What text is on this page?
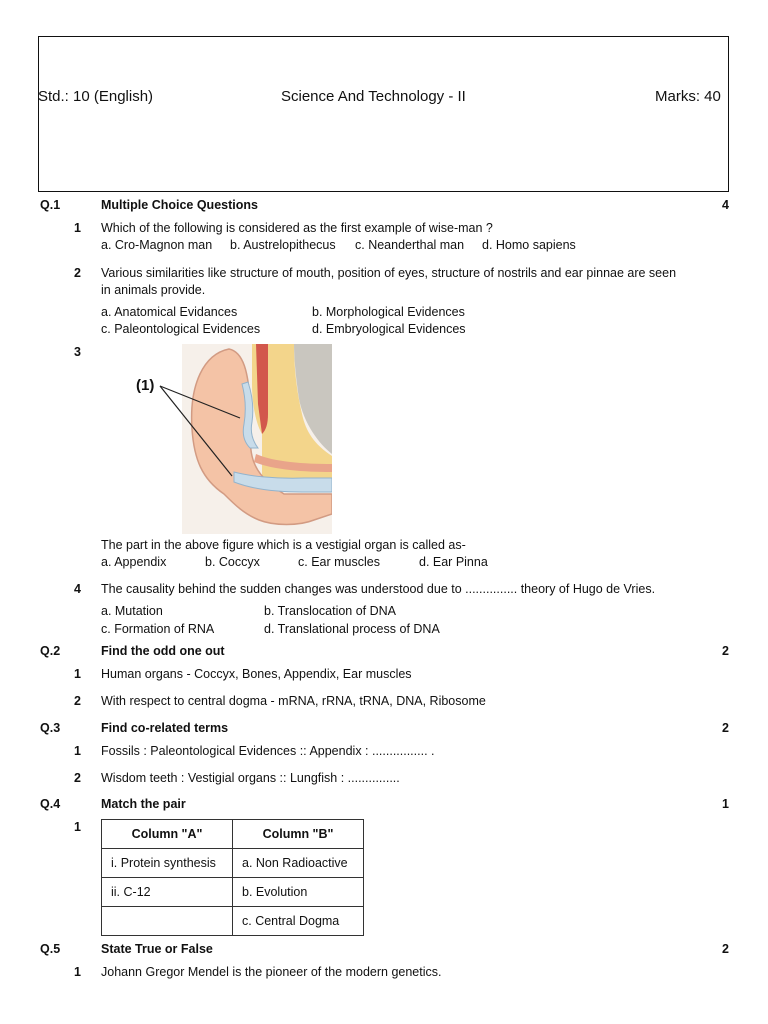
Std.: 10 (English)	Science And Technology - II	Marks: 40
Q.1	Multiple Choice Questions	4
1 Which of the following is considered as the first example of wise-man ?
a. Cro-Magnon man b. Austrelopithecus c. Neanderthal man d. Homo sapiens
2 Various similarities like structure of mouth, position of eyes, structure of nostrils and ear pinnae are seen
in animals provide.
a. Anatomical Evidances	b. Morphological Evidences
c. Paleontological Evidences	d. Embryological Evidences
3
(1)
The part in the above figure which is a vestigial organ is called as-
a. Appendix	b. Coccyx	c. Ear muscles	d. Ear Pinna
4 The causality behind the sudden changes was understood due to ............... theory of Hugo de Vries.
a. Mutation	b. Translocation of DNA
c. Formation of RNA	d. Translational process of DNA
Q.2	Find the odd one out	2
1 Human organs - Coccyx, Bones, Appendix, Ear muscles
2 With respect to central dogma - mRNA, rRNA, tRNA, DNA, Ribosome
Q.3	Find co-related terms	2
1 Fossils : Paleontological Evidences :: Appendix : ................ .
2 Wisdom teeth : Vestigial organs :: Lungfish : ...............
Q.4	Match the pair	1
1	Column "A"	Column "B"
i. Protein synthesis	a. Non Radioactive
ii. C-12	b. Evolution
	c. Central Dogma
Q.5	State True or False	2
1 Johann Gregor Mendel is the pioneer of the modern genetics.
